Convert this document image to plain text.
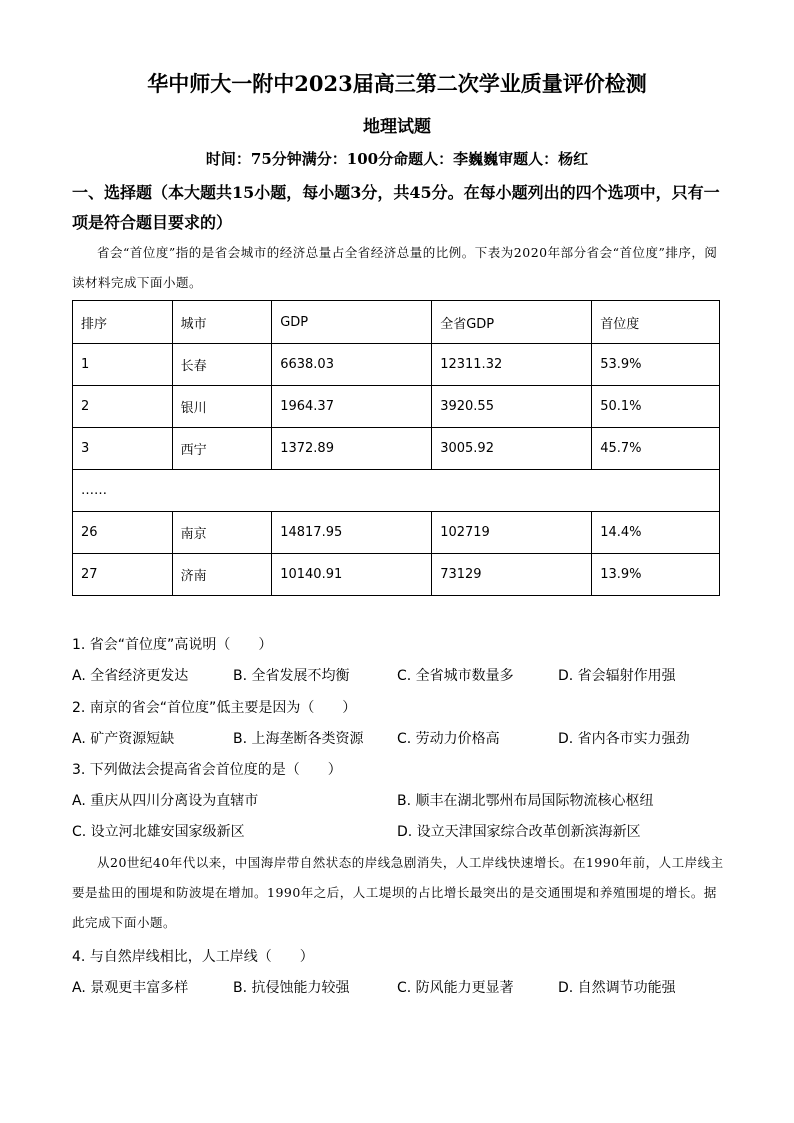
华中师大一附中2023届高三第二次学业质量评价检测
地理试题
时间：75分钟满分：100分命题人：李巍巍审题人：杨红
一、选择题（本大题共15小题，每小题3分，共45分。在每小题列出的四个选项中，只有一项是符合题目要求的）
省会“首位度”指的是省会城市的经济总量占全省经济总量的比例。下表为2020年部分省会“首位度”排序，阅读材料完成下面小题。
排序	城市	GDP	全省GDP	首位度
1	长春	6638.03	12311.32	53.9%
2	银川	1964.37	3920.55	50.1%
3	西宁	1372.89	3005.92	45.7%
……				
26	南京	14817.95	102719	14.4%
27	济南	10140.91	73129	13.9%
1. 省会“首位度”高说明（　　）
A. 全省经济更发达	B. 全省发展不均衡	C. 全省城市数量多	D. 省会辐射作用强
2. 南京的省会“首位度”低主要是因为（　　）
A. 矿产资源短缺	B. 上海垄断各类资源 C. 劳动力价格高	D. 省内各市实力强劲
3. 下列做法会提高省会首位度的是（　　）
A. 重庆从四川分离设为直辖市	B. 顺丰在湖北鄂州布局国际物流核心枢纽
C. 设立河北雄安国家级新区	D. 设立天津国家综合改革创新滨海新区
从20世纪40年代以来，中国海岸带自然状态的岸线急剧消失，人工岸线快速增长。在1990年前，人工岸线主要是盐田的围堤和防波堤在增加。1990年之后，人工堤坝的占比增长最突出的是交通围堤和养殖围堤的增长。据此完成下面小题。
4. 与自然岸线相比，人工岸线（　　）
A. 景观更丰富多样	B. 抗侵蚀能力较强	C. 防风能力更显著	D. 自然调节功能强
